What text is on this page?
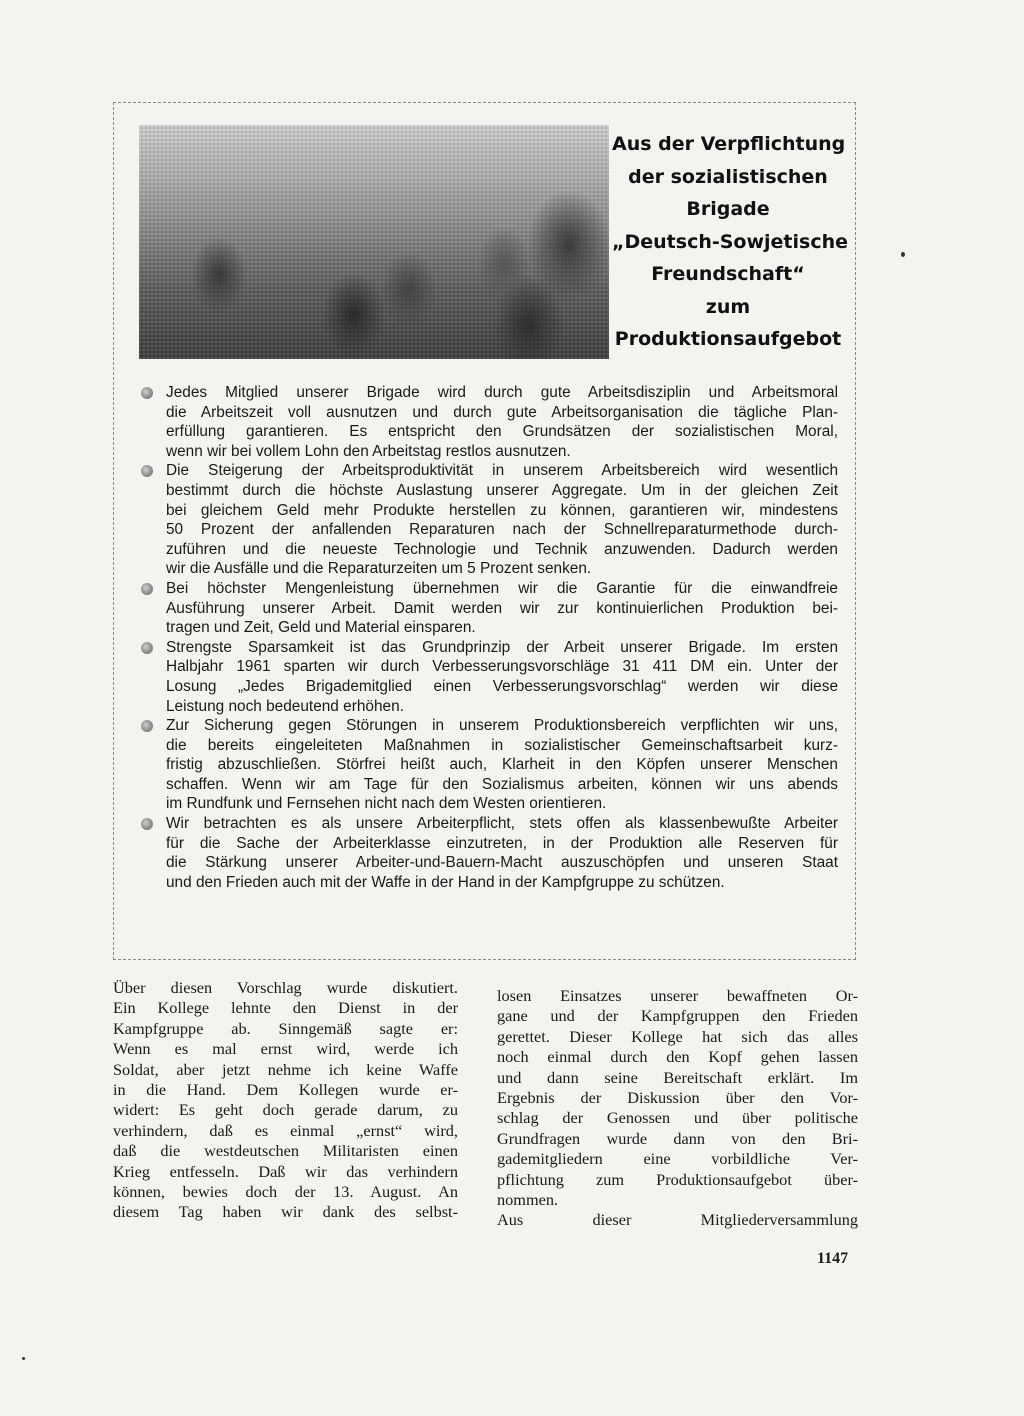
Aus der Verpflichtung
der sozialistischen
Brigade
„Deutsch-Sowjetische
Freundschaft“
zum
Produktionsaufgebot
Jedes Mitglied unserer Brigade wird durch gute Arbeitsdisziplin und Arbeitsmoral
die Arbeitszeit voll ausnutzen und durch gute Arbeitsorganisation die tägliche Plan-
erfüllung garantieren. Es entspricht den Grundsätzen der sozialistischen Moral,
wenn wir bei vollem Lohn den Arbeitstag restlos ausnutzen.
Die Steigerung der Arbeitsproduktivität in unserem Arbeitsbereich wird wesentlich
bestimmt durch die höchste Auslastung unserer Aggregate. Um in der gleichen Zeit
bei gleichem Geld mehr Produkte herstellen zu können, garantieren wir, mindestens
50 Prozent der anfallenden Reparaturen nach der Schnellreparaturmethode durch-
zuführen und die neueste Technologie und Technik anzuwenden. Dadurch werden
wir die Ausfälle und die Reparaturzeiten um 5 Prozent senken.
Bei höchster Mengenleistung übernehmen wir die Garantie für die einwandfreie
Ausführung unserer Arbeit. Damit werden wir zur kontinuierlichen Produktion bei-
tragen und Zeit, Geld und Material einsparen.
Strengste Sparsamkeit ist das Grundprinzip der Arbeit unserer Brigade. Im ersten
Halbjahr 1961 sparten wir durch Verbesserungsvorschläge 31 411 DM ein. Unter der
Losung „Jedes Brigademitglied einen Verbesserungsvorschlag“ werden wir diese
Leistung noch bedeutend erhöhen.
Zur Sicherung gegen Störungen in unserem Produktionsbereich verpflichten wir uns,
die bereits eingeleiteten Maßnahmen in sozialistischer Gemeinschaftsarbeit kurz-
fristig abzuschließen. Störfrei heißt auch, Klarheit in den Köpfen unserer Menschen
schaffen. Wenn wir am Tage für den Sozialismus arbeiten, können wir uns abends
im Rundfunk und Fernsehen nicht nach dem Westen orientieren.
Wir betrachten es als unsere Arbeiterpflicht, stets offen als klassenbewußte Arbeiter
für die Sache der Arbeiterklasse einzutreten, in der Produktion alle Reserven für
die Stärkung unserer Arbeiter-und-Bauern-Macht auszuschöpfen und unseren Staat
und den Frieden auch mit der Waffe in der Hand in der Kampfgruppe zu schützen.
Über diesen Vorschlag wurde diskutiert.
Ein Kollege lehnte den Dienst in der
Kampfgruppe ab. Sinngemäß sagte er:
Wenn es mal ernst wird, werde ich
Soldat, aber jetzt nehme ich keine Waffe
in die Hand. Dem Kollegen wurde er-
widert: Es geht doch gerade darum, zu
verhindern, daß es einmal „ernst“ wird,
daß die westdeutschen Militaristen einen
Krieg entfesseln. Daß wir das verhindern
können, bewies doch der 13. August. An
diesem Tag haben wir dank des selbst-
losen Einsatzes unserer bewaffneten Or-
gane und der Kampfgruppen den Frieden
gerettet. Dieser Kollege hat sich das alles
noch einmal durch den Kopf gehen lassen
und dann seine Bereitschaft erklärt. Im
Ergebnis der Diskussion über den Vor-
schlag der Genossen und über politische
Grundfragen wurde dann von den Bri-
gademitgliedern eine vorbildliche Ver-
pflichtung zum Produktionsaufgebot über-
nommen.
Aus dieser Mitgliederversammlung
1147
